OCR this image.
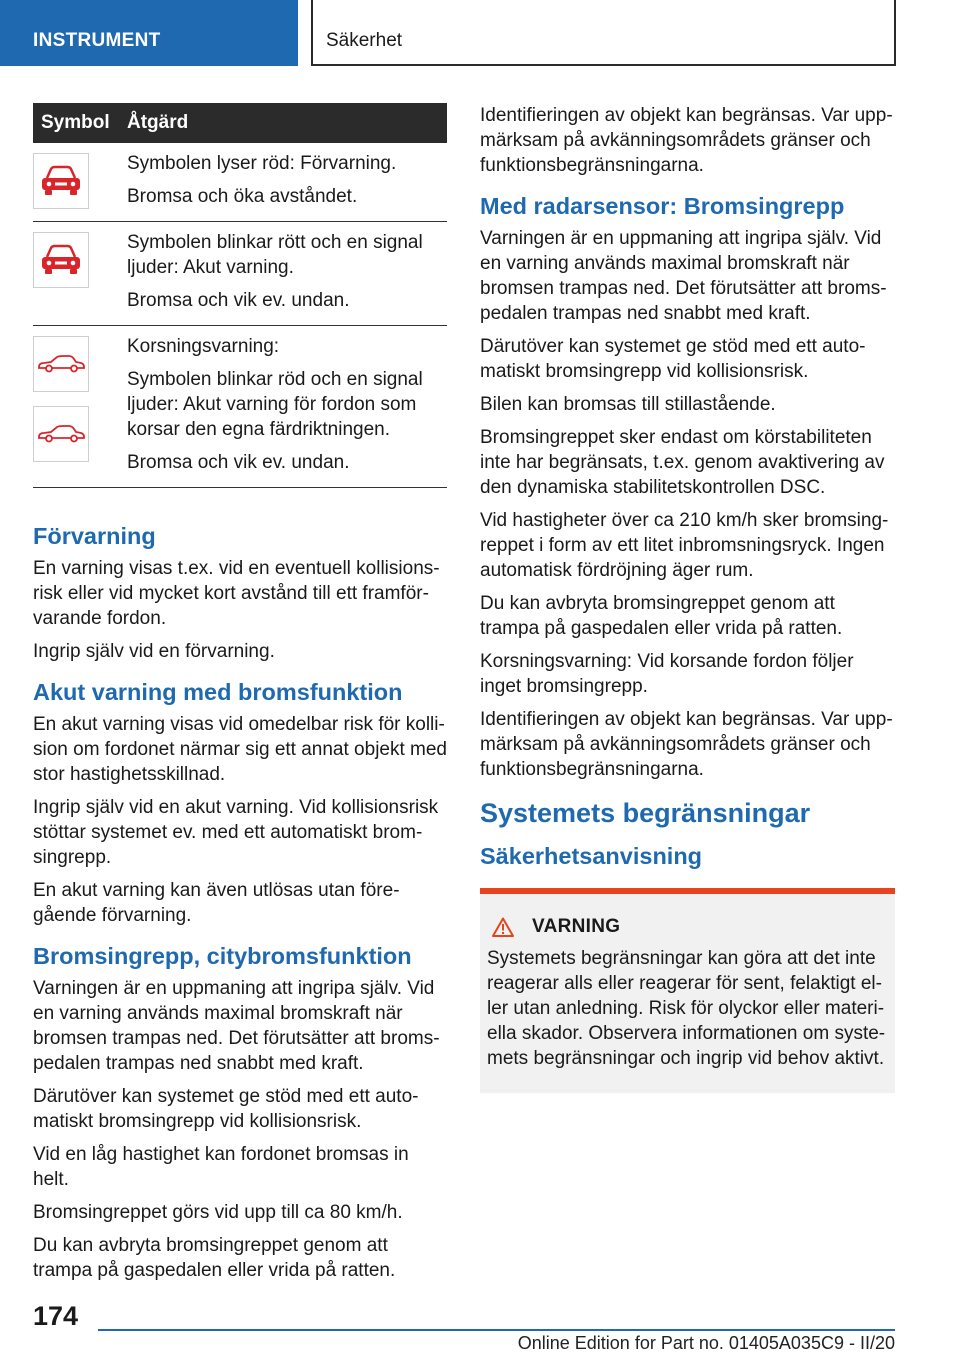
INSTRUMENT	Säkerhet
Symbol Åtgärd

Symbolen lyser röd: Förvarning.

Bromsa och öka avståndet.

Symbolen blinkar rött och en signal ljuder: Akut varning.

Bromsa och vik ev. undan.

Korsningsvarning:

Symbolen blinkar röd och en signal ljuder: Akut varning för fordon som korsar den egna färdriktningen.

Bromsa och vik ev. undan.

Förvarning

En varning visas t.ex. vid en eventuell kollisionsrisk eller vid mycket kort avstånd till ett framförvarande fordon.

Ingrip själv vid en förvarning.

Akut varning med bromsfunktion

En akut varning visas vid omedelbar risk för kollision om fordonet närmar sig ett annat objekt med stor hastighetsskillnad.

Ingrip själv vid en akut varning. Vid kollisionsrisk stöttar systemet ev. med ett automatiskt bromsingrepp.

En akut varning kan även utlösas utan föregående förvarning.

Bromsingrepp, citybromsfunktion

Varningen är en uppmaning att ingripa själv. Vid en varning används maximal bromskraft när bromsen trampas ned. Det förutsätter att bromspedalen trampas ned snabbt med kraft.

Därutöver kan systemet ge stöd med ett automatiskt bromsingrepp vid kollisionsrisk.

Vid en låg hastighet kan fordonet bromsas in helt.

Bromsingreppet görs vid upp till ca 80 km/h.

Du kan avbryta bromsingreppet genom att trampa på gaspedalen eller vrida på ratten.

Identifieringen av objekt kan begränsas. Var uppmärksam på avkänningsområdets gränser och funktionsbegränsningarna.

Med radarsensor: Bromsingrepp

Varningen är en uppmaning att ingripa själv. Vid en varning används maximal bromskraft när bromsen trampas ned. Det förutsätter att bromspedalen trampas ned snabbt med kraft.

Därutöver kan systemet ge stöd med ett automatiskt bromsingrepp vid kollisionsrisk.

Bilen kan bromsas till stillastående.

Bromsingreppet sker endast om körstabiliteten inte har begränsats, t.ex. genom avaktivering av den dynamiska stabilitetskontrollen DSC.

Vid hastigheter över ca 210 km/h sker bromsingreppet i form av ett litet inbromsningsryck. Ingen automatisk fördröjning äger rum.

Du kan avbryta bromsingreppet genom att trampa på gaspedalen eller vrida på ratten.

Korsningsvarning: Vid korsande fordon följer inget bromsingrepp.

Identifieringen av objekt kan begränsas. Var uppmärksam på avkänningsområdets gränser och funktionsbegränsningarna.

Systemets begränsningar
Säkerhetsanvisning
VARNING

Systemets begränsningar kan göra att det inte reagerar alls eller reagerar för sent, felaktigt eller utan anledning. Risk för olyckor eller materiella skador. Observera informationen om systemets begränsningar och ingrip vid behov aktivt.

174
Online Edition for Part no. 01405A035C9 - II/20
